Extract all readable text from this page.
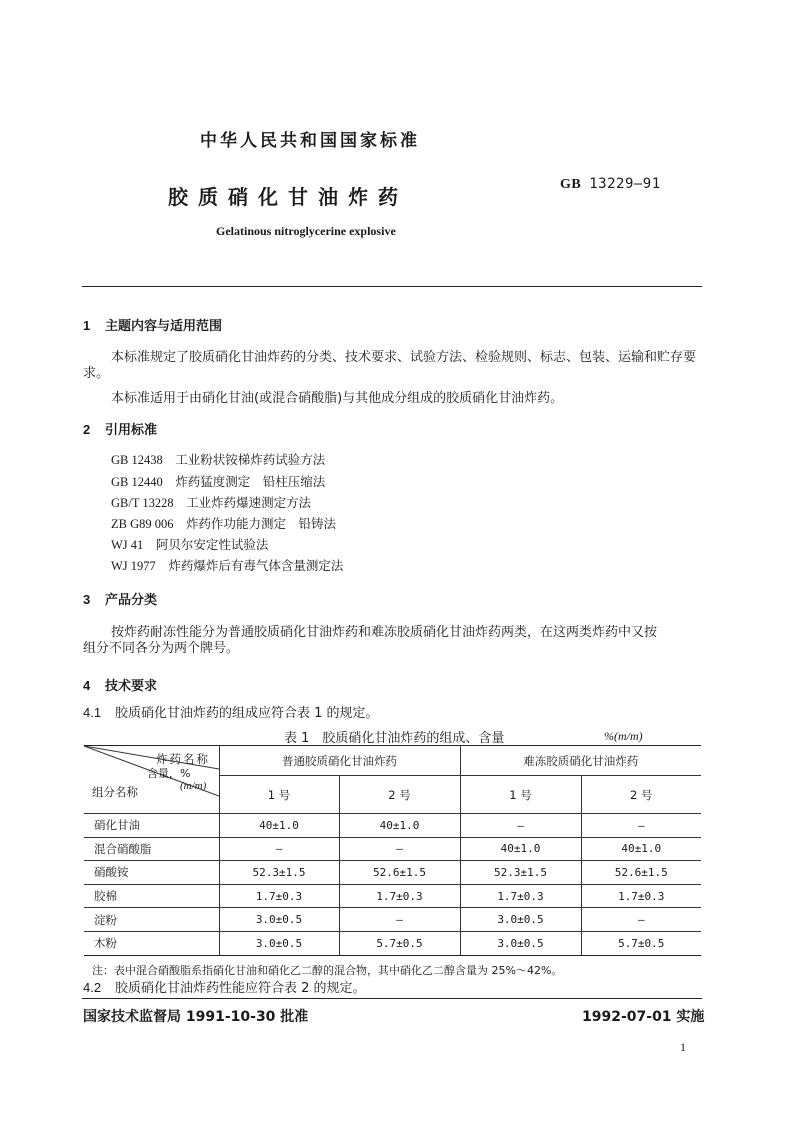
中华人民共和国国家标准
胶质硝化甘油炸药
GB 13229—91
Gelatinous nitroglycerine explosive
1 主题内容与适用范围
本标准规定了胶质硝化甘油炸药的分类、技术要求、试验方法、检验规则、标志、包装、运输和贮存要
求。
本标准适用于由硝化甘油(或混合硝酸脂)与其他成分组成的胶质硝化甘油炸药。
2 引用标准
GB 12438　 工业粉状铵梯炸药试验方法
GB 12440　 炸药猛度测定　铅柱压缩法
GB/T 13228　 工业炸药爆速测定方法
ZB G89 006　 炸药作功能力测定　铅铸法
WJ 41　 阿贝尔安定性试验法
WJ 1977　 炸药爆炸后有毒气体含量测定法
3 产品分类
按炸药耐冻性能分为普通胶质硝化甘油炸药和难冻胶质硝化甘油炸药两类，在这两类炸药中又按
组分不同各分为两个牌号。
4 技术要求
4.1 胶质硝化甘油炸药的组成应符合表 1 的规定。
表 1　胶质硝化甘油炸药的组成、含量	%(m/m)
炸药名称
含量，%
(m/m)
组分名称	普通胶质硝化甘油炸药		难冻胶质硝化甘油炸药	
	1 号	2 号	1 号	2 号
硝化甘油	40±1.0	40±1.0	—	—
混合硝酸脂	—	—	40±1.0	40±1.0
硝酸铵	52.3±1.5	52.6±1.5	52.3±1.5	52.6±1.5
胶棉	1.7±0.3	1.7±0.3	1.7±0.3	1.7±0.3
淀粉	3.0±0.5	—	3.0±0.5	—
木粉	3.0±0.5	5.7±0.5	3.0±0.5	5.7±0.5
注：表中混合硝酸脂系指硝化甘油和硝化乙二醇的混合物，其中硝化乙二醇含量为 25%～42%。
4.2 胶质硝化甘油炸药性能应符合表 2 的规定。
国家技术监督局 1991-10-30 批准	1992-07-01 实施
1
